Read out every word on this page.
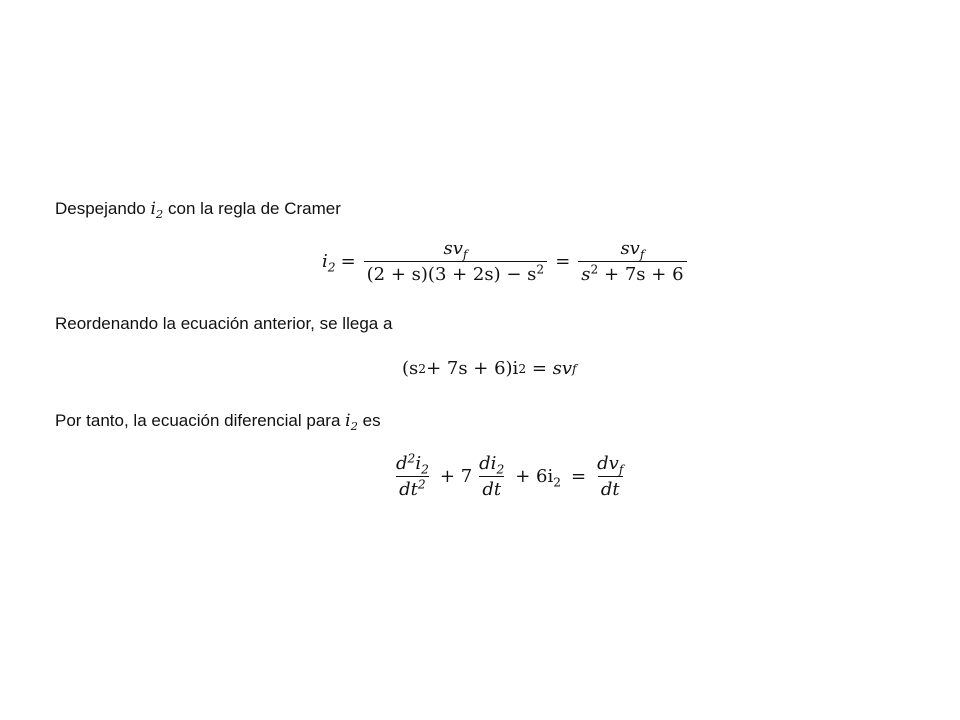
Despejando $i_2$ con la regla de Cramer
$i_2 = \frac{sv_f}{(2 + s)(3 + 2s) - s^2} = \frac{sv_f}{s^2 + 7s + 6}$
Reordenando la ecuación anterior, se llega a
(s 2 + 7s + 6)i 2 = sv f
Por tanto, la ecuación diferencial para $i_2$ es
$\frac{d^2i_2}{dt^2} + 7 \frac{di_2}{dt} + 6i_2 = \frac{dv_f}{dt}$
